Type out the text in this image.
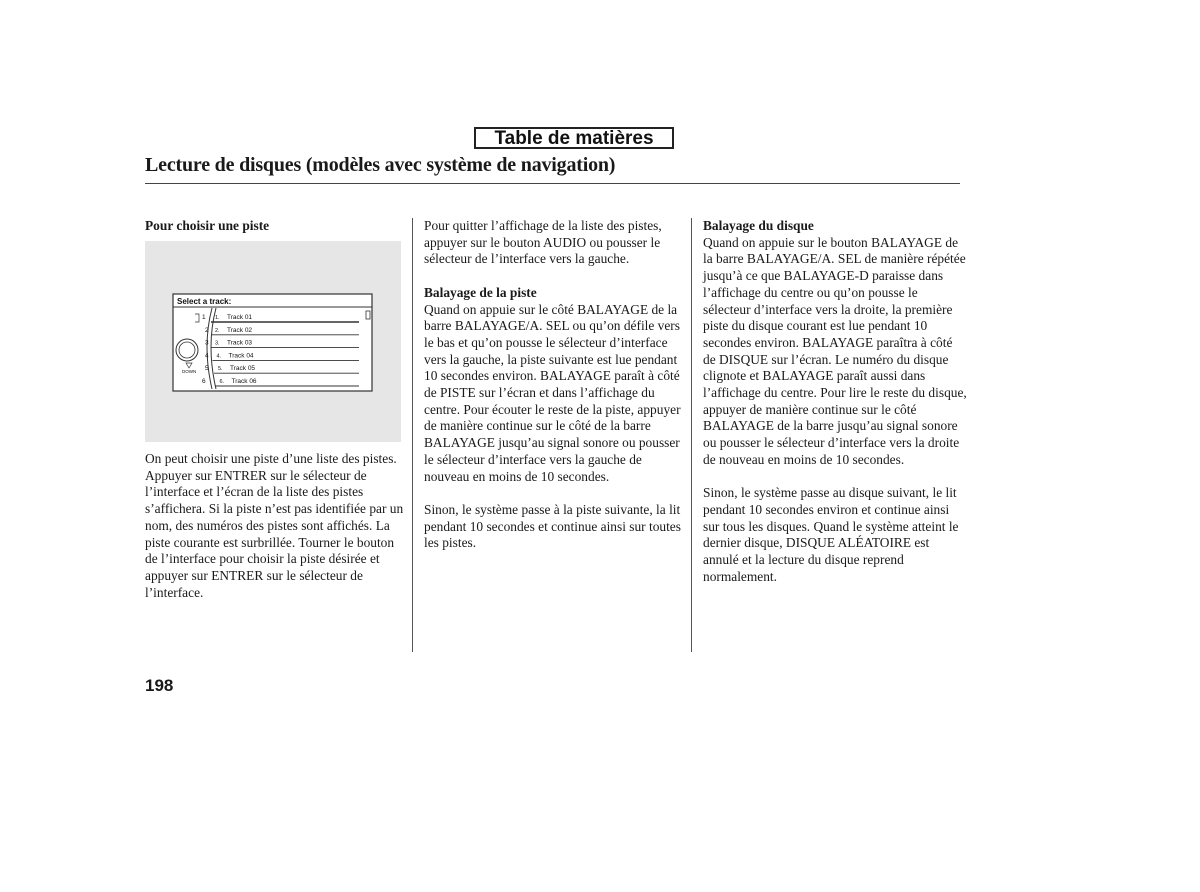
Table de matières
Lecture de disques (modèles avec système de navigation)

Pour choisir une piste

Select a track:
DOWN
1 1. Track 01
2 2. Track 02
3 3. Track 03
4 4. Track 04
5 5. Track 05
6	6. Track 06

On peut choisir une piste d’une liste des pistes. Appuyer sur ENTRER sur le sélecteur de l’interface et l’écran de la liste des pistes s’affichera. Si la piste n’est pas identifiée par un nom, des numéros des pistes sont affichés. La piste courante est surbrillée. Tourner le bouton de l’interface pour choisir la piste désirée et appuyer sur ENTRER sur le sélecteur de l’interface.

Pour quitter l’affichage de la liste des pistes, appuyer sur le bouton AUDIO ou pousser le sélecteur de l’interface vers la gauche.

Balayage de la piste

Quand on appuie sur le côté BALAYAGE de la barre BALAYAGE/A. SEL ou qu’on défile vers le bas et qu’on pousse le sélecteur d’interface vers la gauche, la piste suivante est lue pendant 10 secondes environ. BALAYAGE paraît à côté de PISTE sur l’écran et dans l’affichage du centre. Pour écouter le reste de la piste, appuyer de manière continue sur le côté de la barre BALAYAGE jusqu’au signal sonore ou pousser le sélecteur d’interface vers la gauche de nouveau en moins de 10 secondes.

Sinon, le système passe à la piste suivante, la lit pendant 10 secondes et continue ainsi sur toutes les pistes.

Balayage du disque

Quand on appuie sur le bouton BALAYAGE de la barre BALAYAGE/A. SEL de manière répétée jusqu’à ce que BALAYAGE-D paraisse dans l’affichage du centre ou qu’on pousse le sélecteur d’interface vers la droite, la première piste du disque courant est lue pendant 10 secondes environ. BALAYAGE paraîtra à côté de DISQUE sur l’écran. Le numéro du disque clignote et BALAYAGE paraît aussi dans l’affichage du centre. Pour lire le reste du disque, appuyer de manière continue sur le côté BALAYAGE de la barre jusqu’au signal sonore ou pousser le sélecteur d’interface vers la droite de nouveau en moins de 10 secondes.

Sinon, le système passe au disque suivant, le lit pendant 10 secondes environ et continue ainsi sur tous les disques. Quand le système atteint le dernier disque, DISQUE ALÉATOIRE est annulé et la lecture du disque reprend normalement.

198
